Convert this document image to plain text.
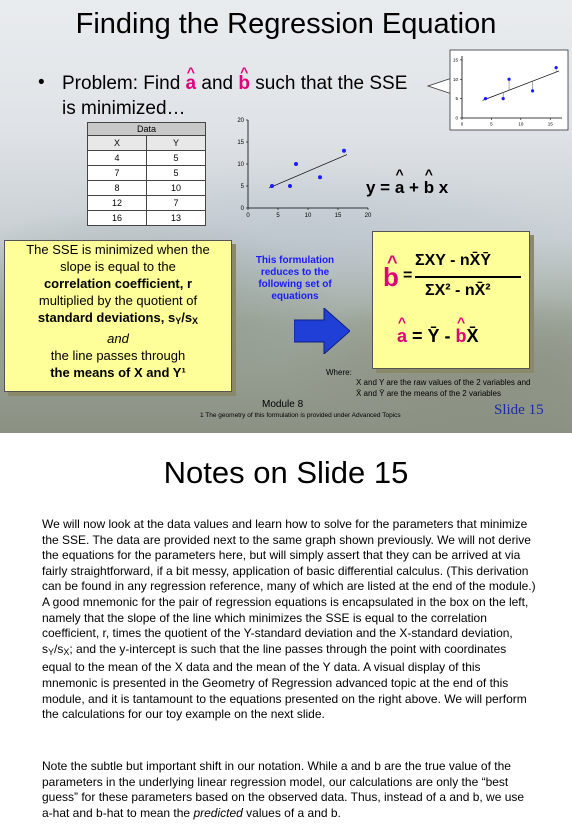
Finding the Regression Equation
• Problem: Find ^ a and ^ b such that the SSE
is minimized…
0	5	10	15
0
5
10
15
Data	
X	Y
4	5
7	5
8	10
12	7
16	13	0	5	10	15	20
0
5
10
15
20
y = ^ a + ^ b x
The SSE is minimized when the
slope is equal to the
correlation coefficient, r
multiplied by the quotient of
standard deviations, $s_Y/s_X$
and
the line passes through
the means of X and Y¹
This formulation reduces to the following set of equations
^ b =
ΣXY - nX̄Ȳ
ΣX² - nX̄²
^ a = Ȳ - ^ bX̄
Where:
X and Y are the raw values of the 2 variables and
X̄ and Ȳ are the means of the 2 variables
Module 8
1 The geometry of this formulation is provided under Advanced Topics	Slide 15
Notes on Slide 15

We will now look at the data values and learn how to solve for the parameters that minimize the SSE. The data are provided next to the same graph shown previously. We will not derive the equations for the parameters here, but will simply assert that they can be arrived at via fairly straightforward, if a bit messy, application of basic differential calculus. (This derivation can be found in any regression reference, many of which are listed at the end of the module.) A good mnemonic for the pair of regression equations is encapsulated in the box on the left, namely that the slope of the line which minimizes the SSE is equal to the correlation coefficient, r, times the quotient of the Y-standard deviation and the X-standard deviation, $s_Y/s_X$; and the y-intercept is such that the line passes through the point with coordinates equal to the mean of the X data and the mean of the Y data. A visual display of this mnemonic is presented in the Geometry of Regression advanced topic at the end of this module, and it is tantamount to the equations presented on the right above. We will perform the calculations for our toy example on the next slide.

Note the subtle but important shift in our notation. While a and b are the true value of the parameters in the underlying linear regression model, our calculations are only the “best guess” for these parameters based on the observed data. Thus, instead of a and b, we use a-hat and b-hat to mean the predicted values of a and b.
